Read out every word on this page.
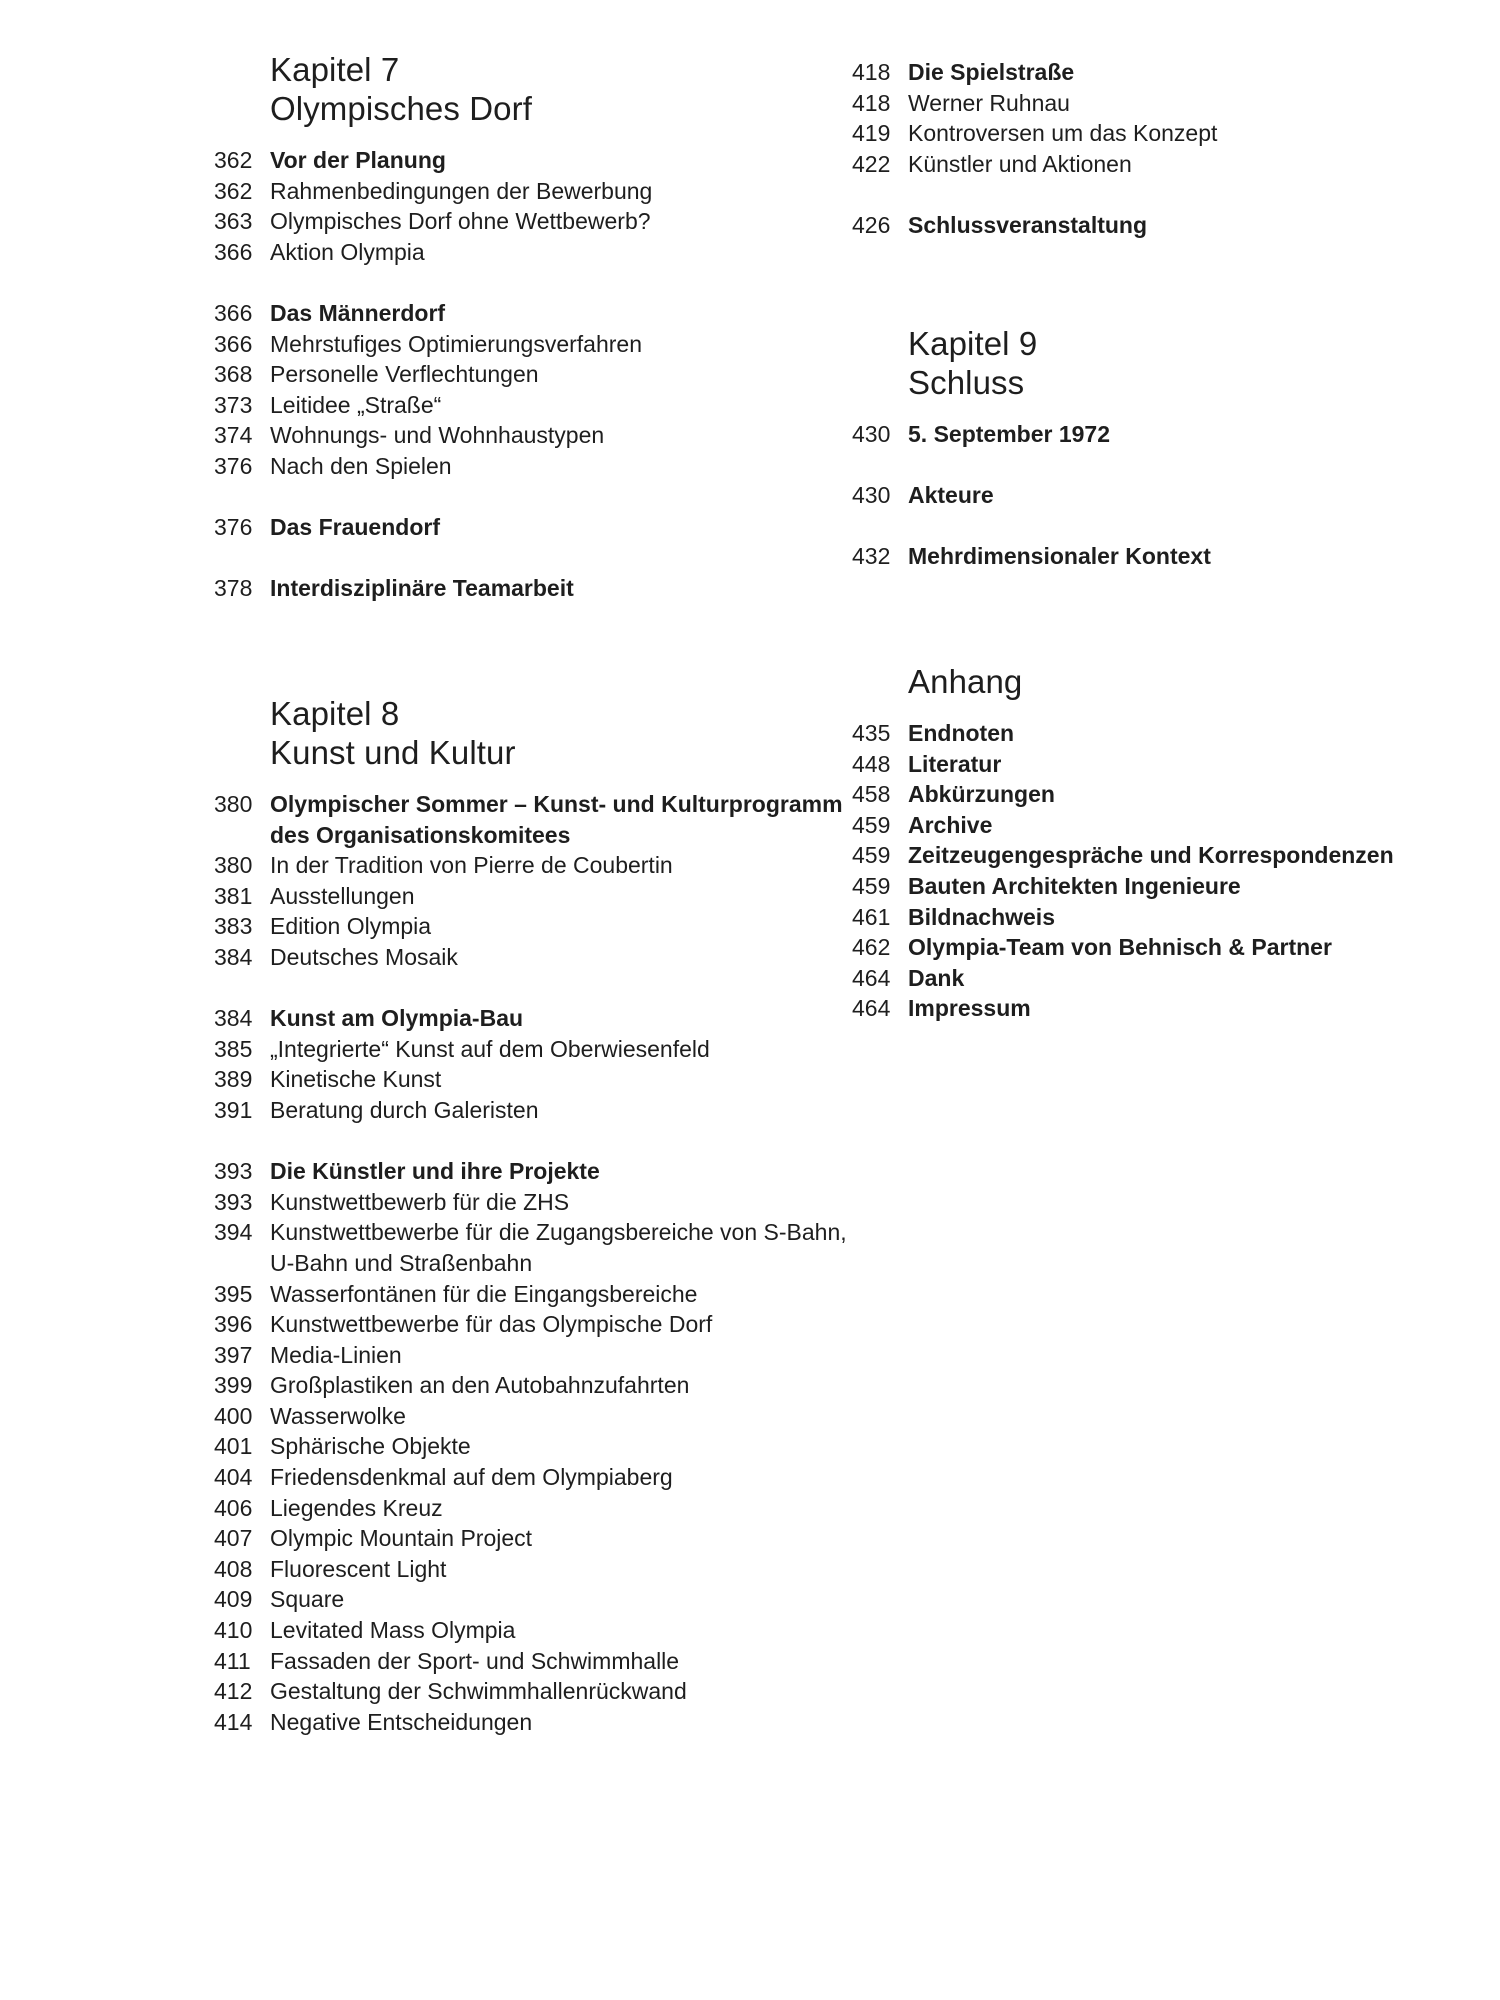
Kapitel 7
Olympisches Dorf
362 Vor der Planung
362 Rahmenbedingungen der Bewerbung
363 Olympisches Dorf ohne Wettbewerb?
366 Aktion Olympia
366 Das Männerdorf
366 Mehrstufiges Optimierungsverfahren
368 Personelle Verflechtungen
373 Leitidee „Straße“
374 Wohnungs- und Wohnhaustypen
376 Nach den Spielen
376 Das Frauendorf
378 Interdisziplinäre Teamarbeit
Kapitel 8
Kunst und Kultur
380 Olympischer Sommer – Kunst- und Kulturprogramm des Organisationskomitees
380 In der Tradition von Pierre de Coubertin
381 Ausstellungen
383 Edition Olympia
384 Deutsches Mosaik
384 Kunst am Olympia-Bau
385 „Integrierte“ Kunst auf dem Oberwiesenfeld
389 Kinetische Kunst
391 Beratung durch Galeristen
393 Die Künstler und ihre Projekte
393 Kunstwettbewerb für die ZHS
394 Kunstwettbewerbe für die Zugangsbereiche von S-Bahn, U-Bahn und Straßenbahn
395 Wasserfontänen für die Eingangsbereiche
396 Kunstwettbewerbe für das Olympische Dorf
397 Media-Linien
399 Großplastiken an den Autobahnzufahrten
400 Wasserwolke
401 Sphärische Objekte
404 Friedensdenkmal auf dem Olympiaberg
406 Liegendes Kreuz
407 Olympic Mountain Project
408 Fluorescent Light
409 Square
410 Levitated Mass Olympia
411 Fassaden der Sport- und Schwimmhalle
412 Gestaltung der Schwimmhallenrückwand
414 Negative Entscheidungen
418 Die Spielstraße
418 Werner Ruhnau
419 Kontroversen um das Konzept
422 Künstler und Aktionen
426 Schlussveranstaltung
Kapitel 9
Schluss
430 5. September 1972
430 Akteure
432 Mehrdimensionaler Kontext
Anhang
435 Endnoten
448 Literatur
458 Abkürzungen
459 Archive
459 Zeitzeugengespräche und Korrespondenzen
459 Bauten Architekten Ingenieure
461 Bildnachweis
462 Olympia-Team von Behnisch & Partner
464 Dank
464 Impressum
